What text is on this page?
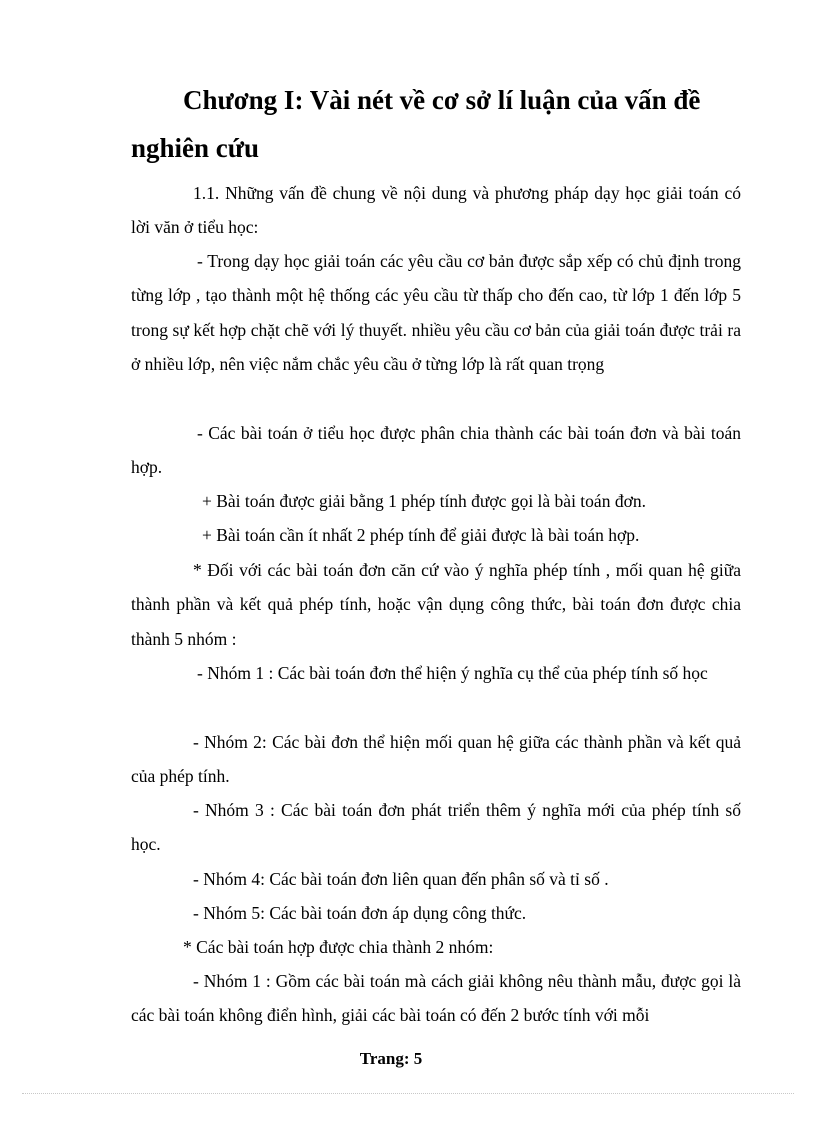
Chương I: Vài nét về cơ sở lí luận của vấn đề
nghiên cứu

1.1. Những vấn đề chung về nội dung và phương pháp dạy học giải toán có lời văn ở tiểu học:

- Trong dạy học giải toán các yêu cầu cơ bản được sắp xếp có chủ định trong từng lớp , tạo thành một hệ thống các yêu cầu từ thấp cho đến cao, từ lớp 1 đến lớp 5 trong sự kết hợp chặt chẽ với lý thuyết. nhiều yêu cầu cơ bản của giải toán được trải ra ở nhiều lớp, nên việc nắm chắc yêu cầu ở từng lớp là rất quan trọng

- Các bài toán ở tiểu học được phân chia thành các bài toán đơn và bài toán hợp.

+ Bài toán được giải bằng 1 phép tính được gọi là bài toán đơn.

+ Bài toán cần ít nhất 2 phép tính để giải được là bài toán hợp.

* Đối với các bài toán đơn căn cứ vào ý nghĩa phép tính , mối quan hệ giữa thành phần và kết quả phép tính, hoặc vận dụng công thức, bài toán đơn được chia thành 5 nhóm :

- Nhóm 1 : Các bài toán đơn thể hiện ý nghĩa cụ thể của phép tính số học

- Nhóm 2: Các bài đơn thể hiện mối quan hệ giữa các thành phần và kết quả của phép tính.

- Nhóm 3 : Các bài toán đơn phát triển thêm ý nghĩa mới của phép tính số học.

- Nhóm 4: Các bài toán đơn liên quan đến phân số và tỉ số .

- Nhóm 5: Các bài toán đơn áp dụng công thức.

* Các bài toán hợp được chia thành 2 nhóm:

- Nhóm 1 : Gồm các bài toán mà cách giải không nêu thành mẫu, được gọi là các bài toán không điển hình, giải các bài toán có đến 2 bước tính với mỗi

Trang: 5
